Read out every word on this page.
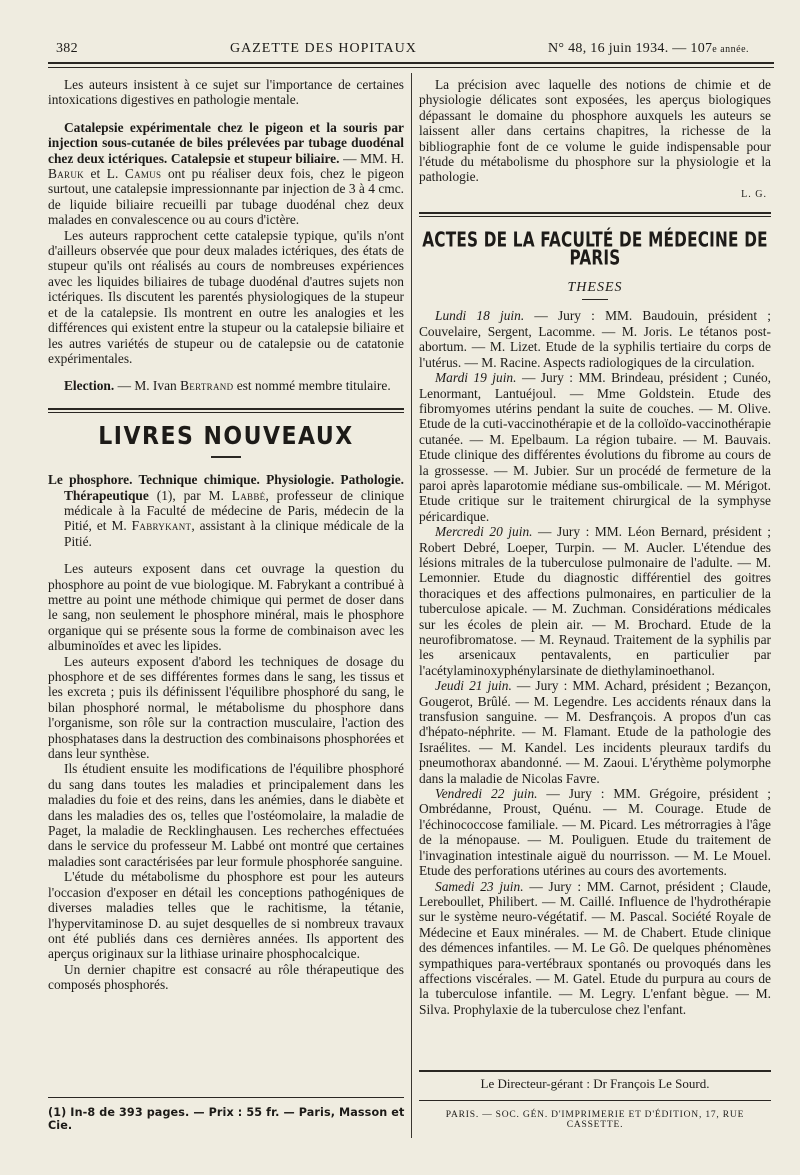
382	GAZETTE DES HOPITAUX	N° 48, 16 juin 1934. — 107e année.

Les auteurs insistent à ce sujet sur l'importance de certaines intoxications digestives en pathologie mentale.

Catalepsie expérimentale chez le pigeon et la souris par injection sous-cutanée de biles prélevées par tubage duodénal chez deux ictériques. Catalepsie et stupeur biliaire. — MM. H. Baruk et L. Camus ont pu réaliser deux fois, chez le pigeon surtout, une catalepsie impressionnante par injection de 3 à 4 cmc. de liquide biliaire recueilli par tubage duodénal chez deux malades en convalescence ou au cours d'ictère.

Les auteurs rapprochent cette catalepsie typique, qu'ils n'ont d'ailleurs observée que pour deux malades ictériques, des états de stupeur qu'ils ont réalisés au cours de nombreuses expériences avec les liquides biliaires de tubage duodénal d'autres sujets non ictériques. Ils discutent les parentés physiologiques de la stupeur et de la catalepsie. Ils montrent en outre les analogies et les différences qui existent entre la stupeur ou la catalepsie biliaire et les autres variétés de stupeur ou de catalepsie ou de catatonie expérimentales.

Election. — M. Ivan Bertrand est nommé membre titulaire.

LIVRES NOUVEAUX

Le phosphore. Technique chimique. Physiologie. Pathologie. Thérapeutique (1), par M. Labbé, professeur de clinique médicale à la Faculté de médecine de Paris, médecin de la Pitié, et M. Fabrykant, assistant à la clinique médicale de la Pitié.

Les auteurs exposent dans cet ouvrage la question du phosphore au point de vue biologique. M. Fabrykant a contribué à mettre au point une méthode chimique qui permet de doser dans le sang, non seulement le phosphore minéral, mais le phosphore organique qui se présente sous la forme de combinaison avec les albuminoïdes et avec les lipides.

Les auteurs exposent d'abord les techniques de dosage du phosphore et de ses différentes formes dans le sang, les tissus et les excreta ; puis ils définissent l'équilibre phosphoré du sang, le bilan phosphoré normal, le métabolisme du phosphore dans l'organisme, son rôle sur la contraction musculaire, l'action des phosphatases dans la destruction des combinaisons phosphorées et dans leur synthèse.

Ils étudient ensuite les modifications de l'équilibre phosphoré du sang dans toutes les maladies et principalement dans les maladies du foie et des reins, dans les anémies, dans le diabète et dans les maladies des os, telles que l'ostéomolaire, la maladie de Paget, la maladie de Recklinghausen. Les recherches effectuées dans le service du professeur M. Labbé ont montré que certaines maladies sont caractérisées par leur formule phosphorée sanguine.

L'étude du métabolisme du phosphore est pour les auteurs l'occasion d'exposer en détail les conceptions pathogéniques de diverses maladies telles que le rachitisme, la tétanie, l'hypervitaminose D. au sujet desquelles de si nombreux travaux ont été publiés dans ces dernières années. Ils apportent des aperçus originaux sur la lithiase urinaire phosphocalcique.

Un dernier chapitre est consacré au rôle thérapeutique des composés phosphorés.

(1) In-8 de 393 pages. — Prix : 55 fr. — Paris, Masson et Cie.

La précision avec laquelle des notions de chimie et de physiologie délicates sont exposées, les aperçus biologiques dépassant le domaine du phosphore auxquels les auteurs se laissent aller dans certains chapitres, la richesse de la bibliographie font de ce volume le guide indispensable pour l'étude du métabolisme du phosphore sur la physiologie et la pathologie.

L. G.
ACTES DE LA FACULTÉ DE MÉDECINE DE PARIS
THESES

Lundi 18 juin. — Jury : MM. Baudouin, président ; Couvelaire, Sergent, Lacomme. — M. Joris. Le tétanos post-abortum. — M. Lizet. Etude de la syphilis tertiaire du corps de l'utérus. — M. Racine. Aspects radiologiques de la circulation.

Mardi 19 juin. — Jury : MM. Brindeau, président ; Cunéo, Lenormant, Lantuéjoul. — Mme Goldstein. Etude des fibromyomes utérins pendant la suite de couches. — M. Olive. Etude de la cuti-vaccinothérapie et de la colloïdo-vaccinothérapie cutanée. — M. Epelbaum. La région tubaire. — M. Bauvais. Etude clinique des différentes évolutions du fibrome au cours de la grossesse. — M. Jubier. Sur un procédé de fermeture de la paroi après laparotomie médiane sus-ombilicale. — M. Mérigot. Etude critique sur le traitement chirurgical de la symphyse péricardique.

Mercredi 20 juin. — Jury : MM. Léon Bernard, président ; Robert Debré, Loeper, Turpin. — M. Aucler. L'étendue des lésions mitrales de la tuberculose pulmonaire de l'adulte. — M. Lemonnier. Etude du diagnostic différentiel des goitres thoraciques et des affections pulmonaires, en particulier de la tuberculose apicale. — M. Zuchman. Considérations médicales sur les écoles de plein air. — M. Brochard. Etude de la neurofibromatose. — M. Reynaud. Traitement de la syphilis par les arsenicaux pentavalents, en particulier par l'acétylaminoxyphénylarsinate de diethylaminoethanol.

Jeudi 21 juin. — Jury : MM. Achard, président ; Bezançon, Gougerot, Brûlé. — M. Legendre. Les accidents rénaux dans la transfusion sanguine. — M. Desfrançois. A propos d'un cas d'hépato-néphrite. — M. Flamant. Etude de la pathologie des Israélites. — M. Kandel. Les incidents pleuraux tardifs du pneumothorax abandonné. — M. Zaoui. L'érythème polymorphe dans la maladie de Nicolas Favre.

Vendredi 22 juin. — Jury : MM. Grégoire, président ; Ombrédanne, Proust, Quénu. — M. Courage. Etude de l'échinococcose familiale. — M. Picard. Les métrorragies à l'âge de la ménopause. — M. Pouliguen. Etude du traitement de l'invagination intestinale aiguë du nourrisson. — M. Le Mouel. Etude des perforations utérines au cours des avortements.

Samedi 23 juin. — Jury : MM. Carnot, président ; Claude, Lereboullet, Philibert. — M. Caillé. Influence de l'hydrothérapie sur le système neuro-végétatif. — M. Pascal. Société Royale de Médecine et Eaux minérales. — M. de Chabert. Etude clinique des démences infantiles. — M. Le Gô. De quelques phénomènes sympathiques para-vertébraux spontanés ou provoqués dans les affections viscérales. — M. Gatel. Etude du purpura au cours de la tuberculose infantile. — M. Legry. L'enfant bègue. — M. Silva. Prophylaxie de la tuberculose chez l'enfant.

Le Directeur-gérant : Dr François Le Sourd.
PARIS. — SOC. GÉN. D'IMPRIMERIE ET D'ÉDITION, 17, RUE CASSETTE.
